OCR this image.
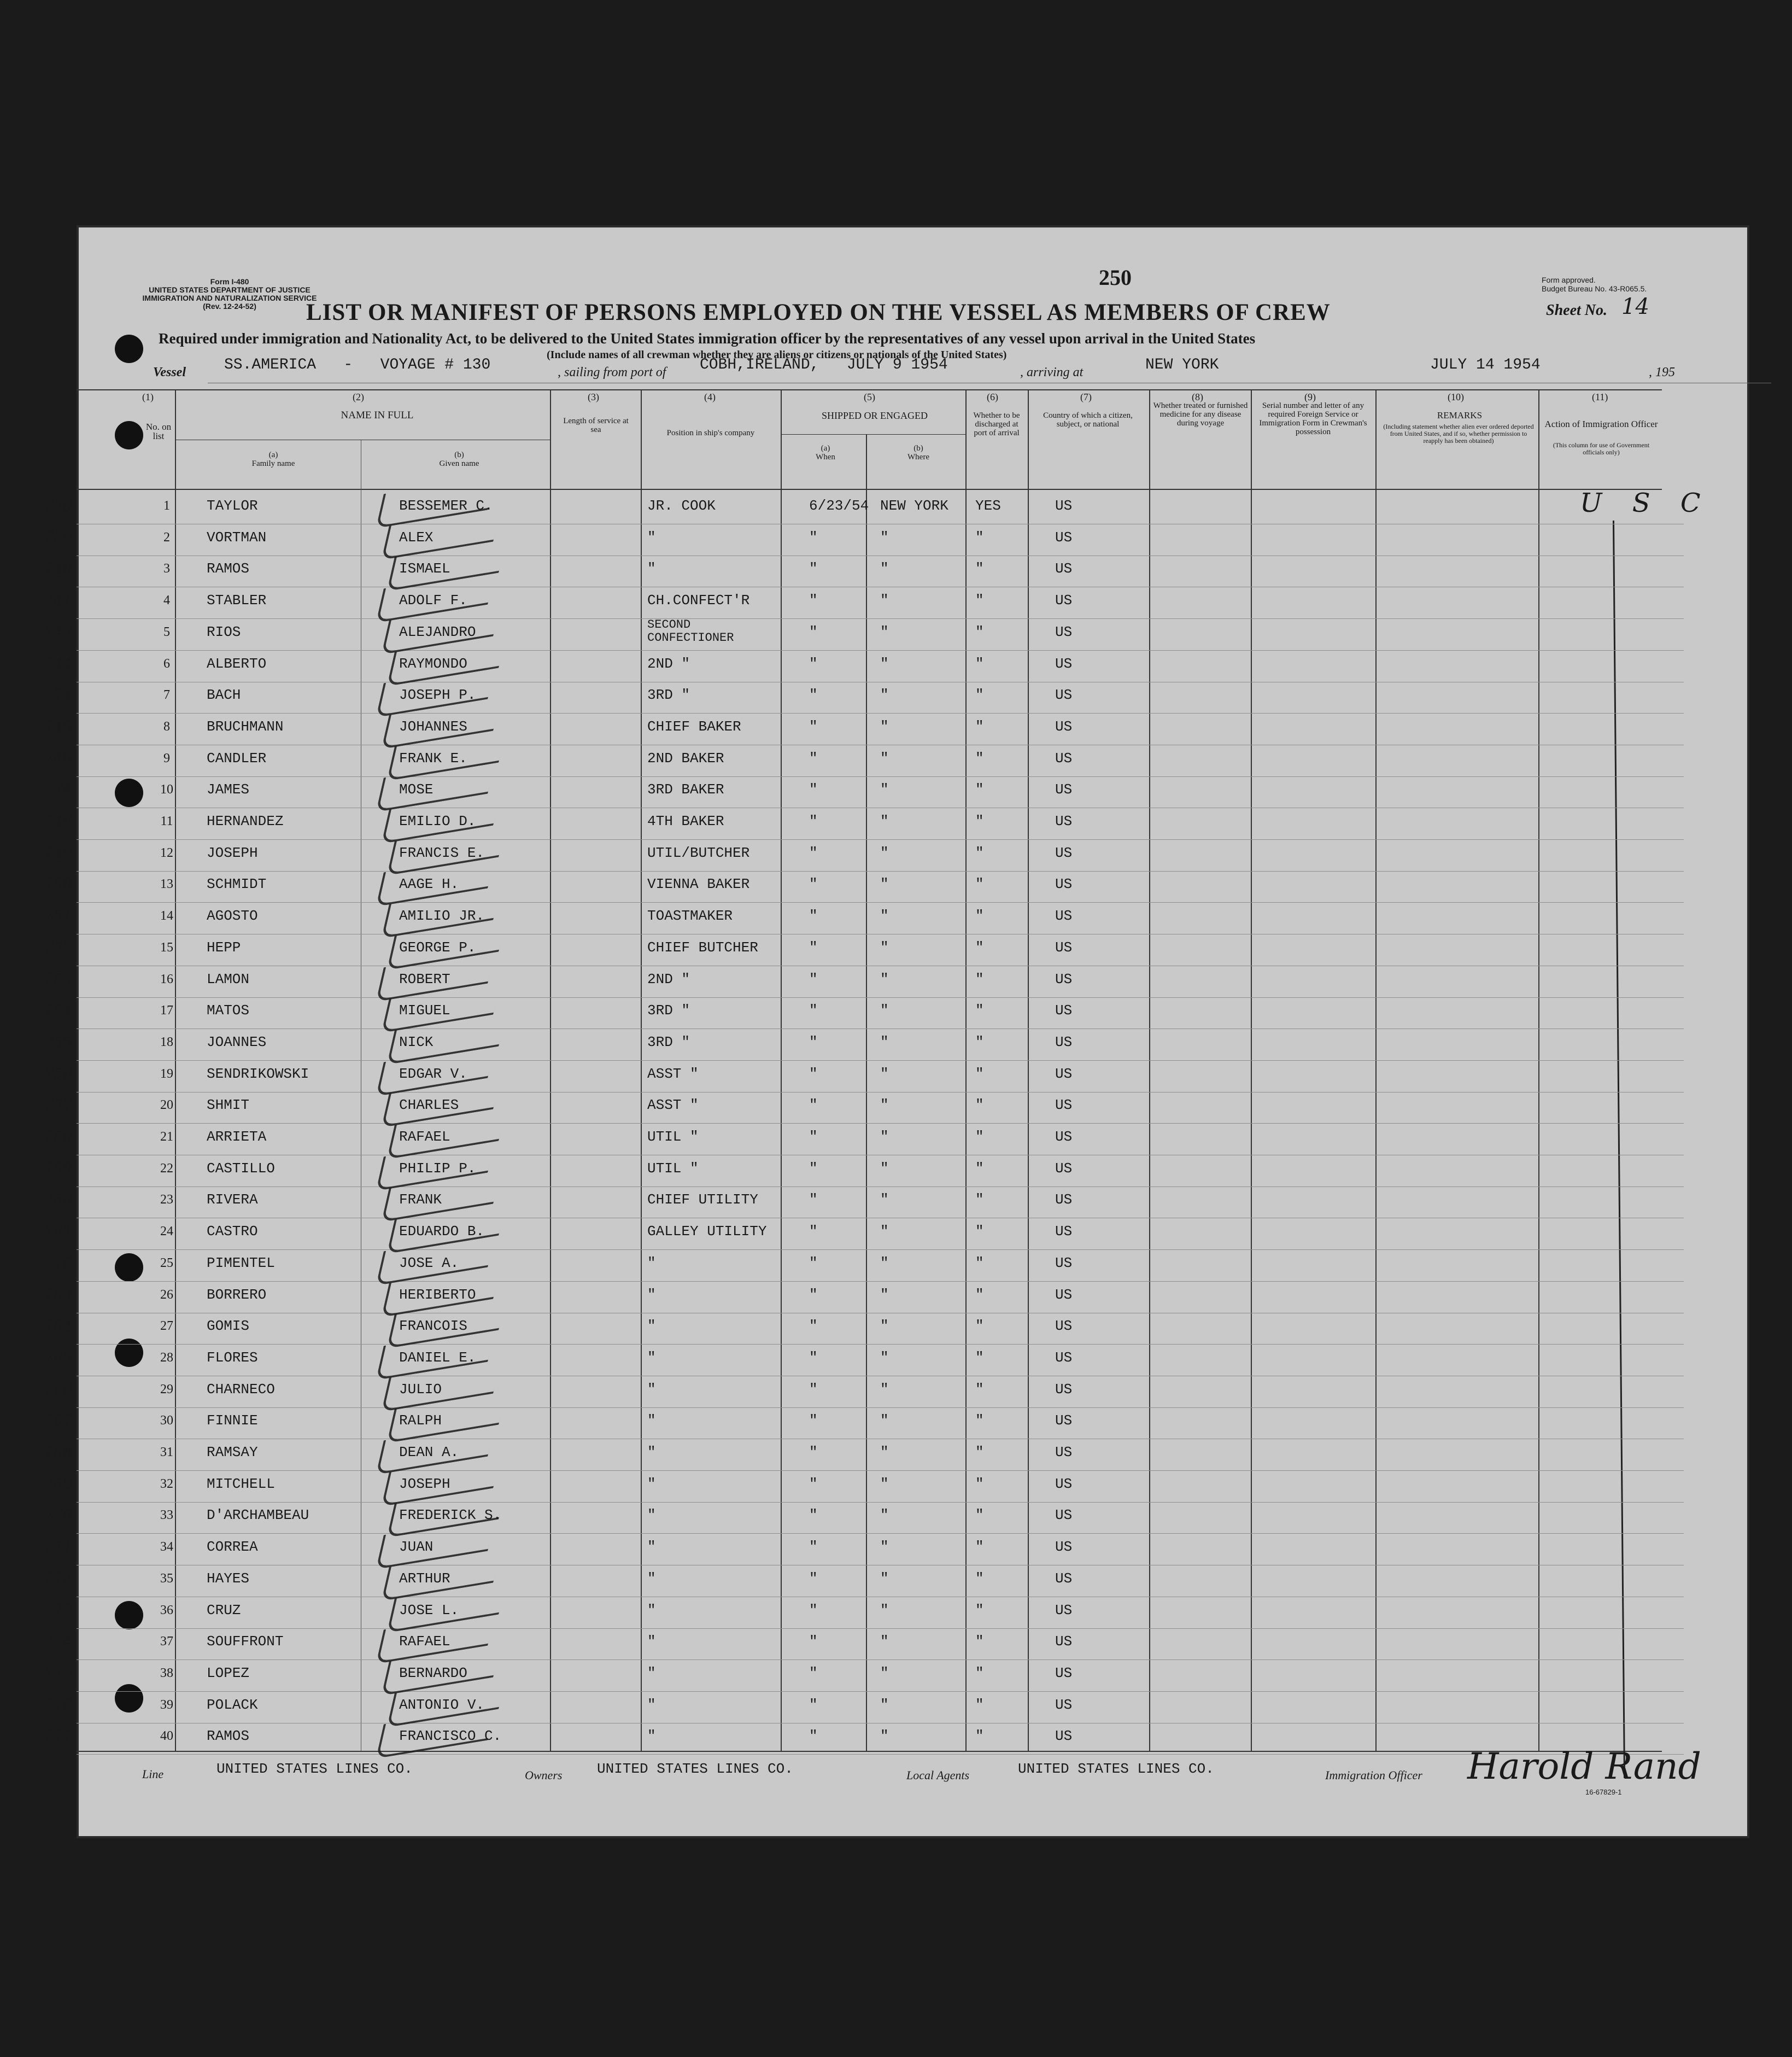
Form I-480
UNITED STATES DEPARTMENT OF JUSTICE
IMMIGRATION AND NATURALIZATION SERVICE
(Rev. 12-24-52)
250	Form approved.
Budget Bureau No. 43-R065.5.
LIST OR MANIFEST OF PERSONS EMPLOYED ON THE VESSEL AS MEMBERS OF CREW	Sheet No. 14
Required under immigration and Nationality Act, to be delivered to the United States immigration officer by the representatives of any vessel upon arrival in the United States
(Include names of all crewman whether they are aliens or citizens or nationals of the United States)
Vessel	SS.AMERICA   -   VOYAGE # 130	, sailing from port of COBH,IRELAND,   JULY 9 1954	, arriving at	NEW YORK	JULY 14 1954	, 195
(1)	(2)	(3)	(4)	(5)	(6)	(7)	(8)	(9)	(10)	(11)
No. on list
NAME IN FULL
(a)
Family name
(b)
Given name
Length of service at sea	Position in ship's company
SHIPPED OR ENGAGED
(a)
When
(b)
Where
Whether to be discharged at port of arrival
Country of which a citizen, subject, or national
Whether treated or furnished medicine for any disease during voyage
Serial number and letter of any required Foreign Service or Immigration Form in Crewman's possession
REMARKS
(Including statement whether alien ever ordered deported from United States, and if so, whether permission to reapply has been obtained)
Action of Immigration Officer
(This column for use of Government officials only)
U S C
738	1	TAYLOR	BESSEMER C.	JR. COOK	6/23/54 NEW YORK YES	US
739	2	VORTMAN	ALEX	"	"	"	"	US
740	3	RAMOS	ISMAEL	"	"	"	"	US
741	4	STABLER	ADOLF F.	CH.CONFECT'R	"	"	"	US
743	5	RIOS	ALEJANDRO	SECOND CONFECTIONER	"	"	"	US
744	6	ALBERTO	RAYMONDO	2ND "	"	"	"	US
74	7	BACH	JOSEPH P.	3RD "	"	"	"	US
745	8	BRUCHMANN	JOHANNES	CHIEF BAKER	"	"	"	US
746	9	CANDLER	FRANK E.	2ND BAKER	"	"	"	US
74	10	JAMES	MOSE	3RD BAKER	"	"	"	US
748	11	HERNANDEZ	EMILIO D.	4TH BAKER	"	"	"	US
749	12	JOSEPH	FRANCIS E.	UTIL/BUTCHER	"	"	"	US
750	13	SCHMIDT	AAGE H.	VIENNA BAKER	"	"	"	US
751	14	AGOSTO	AMILIO JR.	TOASTMAKER	"	"	"	US
752	15	HEPP	GEORGE P.	CHIEF BUTCHER	"	"	"	US
753	16	LAMON	ROBERT	2ND "	"	"	"	US
754	17	MATOS	MIGUEL	3RD "	"	"	"	US
755	18	JOANNES	NICK	3RD "	"	"	"	US
756	19	SENDRIKOWSKI	EDGAR V.	ASST "	"	"	"	US
757	20	SHMIT	CHARLES	ASST "	"	"	"	US
758	21	ARRIETA	RAFAEL	UTIL "	"	"	"	US
759	22	CASTILLO	PHILIP P.	UTIL "	"	"	"	US
760	23	RIVERA	FRANK	CHIEF UTILITY	"	"	"	US
761	24	CASTRO	EDUARDO B.	GALLEY UTILITY	"	"	"	US
76	25	PIMENTEL	JOSE A.	"	"	"	"	US
763	26	BORRERO	HERIBERTO	"	"	"	"	US
764	27	GOMIS	FRANCOIS	"	"	"	"	US
765	28	FLORES	DANIEL E.	"	"	"	"	US
766	29	CHARNECO	JULIO	"	"	"	"	US
767	30	FINNIE	RALPH	"	"	"	"	US
768	31	RAMSAY	DEAN A.	"	"	"	"	US
769	32	MITCHELL	JOSEPH	"	"	"	"	US
770	33	D'ARCHAMBEAU	FREDERICK S.	"	"	"	"	US
771	34	CORREA	JUAN	"	"	"	"	US
772	35	HAYES	ARTHUR	"	"	"	"	US
77	36	CRUZ	JOSE L.	"	"	"	"	US
774	37	SOUFFRONT	RAFAEL	"	"	"	"	US
775	38	LOPEZ	BERNARDO	"	"	"	"	US
776	39	POLACK	ANTONIO V.	"	"	"	"	US
777	40	RAMOS	FRANCISCO C.	"	"	"	"	US
Line	UNITED STATES LINES CO.	Owners UNITED STATES LINES CO.	Local Agents	UNITED STATES LINES CO.	Immigration Officer Harold Rand
16-67829-1
